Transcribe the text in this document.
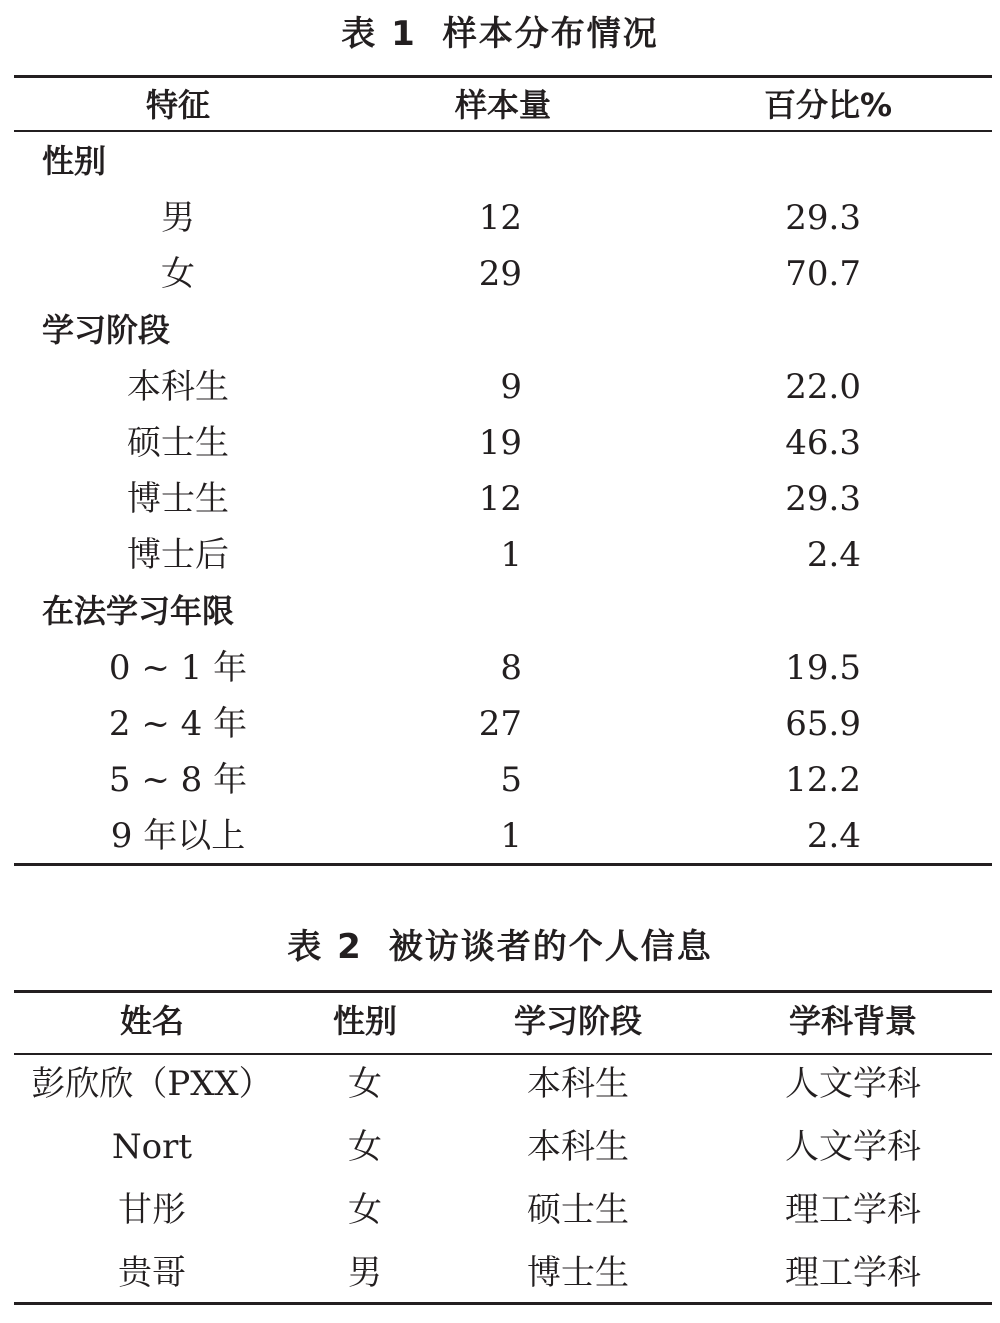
表 1 样本分布情况
特征	样本量	百分比%
性别
男	12	29.3
女	29	70.7
学习阶段
本科生	9	22.0
硕士生	19	46.3
博士生	12	29.3
博士后	1	2.4
在法学习年限
0 ~ 1 年	8	19.5
2 ~ 4 年	27	65.9
5 ~ 8 年	5	12.2
9 年以上	1	2.4
表 2 被访谈者的个人信息
姓名	性别	学习阶段	学科背景
彭欣欣（PXX） 女	本科生	人文学科
Nort	女	本科生	人文学科
甘彤	女	硕士生	理工学科
贵哥	男	博士生	理工学科
